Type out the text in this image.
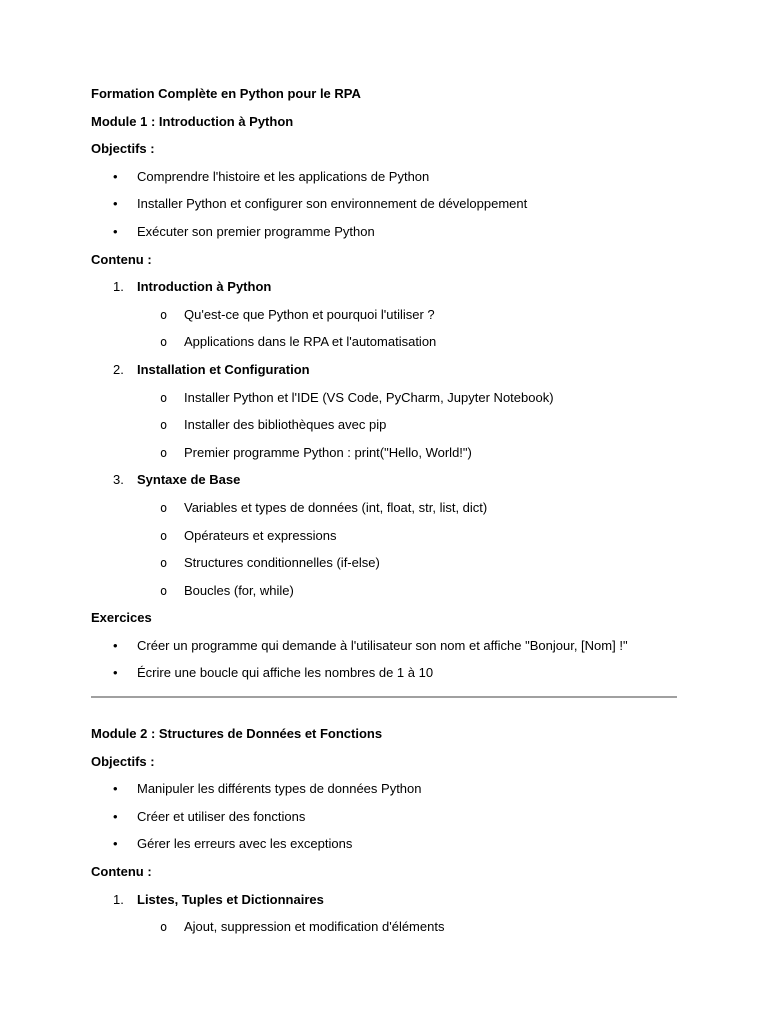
Formation Complète en Python pour le RPA
Module 1 : Introduction à Python
Objectifs :
• Comprendre l'histoire et les applications de Python
• Installer Python et configurer son environnement de développement
• Exécuter son premier programme Python
Contenu :
1. Introduction à Python
o Qu'est-ce que Python et pourquoi l'utiliser ?
o Applications dans le RPA et l'automatisation
2. Installation et Configuration
o Installer Python et l'IDE (VS Code, PyCharm, Jupyter Notebook)
o Installer des bibliothèques avec pip
o Premier programme Python : print("Hello, World!")
3. Syntaxe de Base
o Variables et types de données (int, float, str, list, dict)
o Opérateurs et expressions
o Structures conditionnelles (if-else)
o Boucles (for, while)
Exercices
• Créer un programme qui demande à l'utilisateur son nom et affiche "Bonjour, [Nom] !"
• Écrire une boucle qui affiche les nombres de 1 à 10
Module 2 : Structures de Données et Fonctions
Objectifs :
• Manipuler les différents types de données Python
• Créer et utiliser des fonctions
• Gérer les erreurs avec les exceptions
Contenu :
1. Listes, Tuples et Dictionnaires
o Ajout, suppression et modification d'éléments
